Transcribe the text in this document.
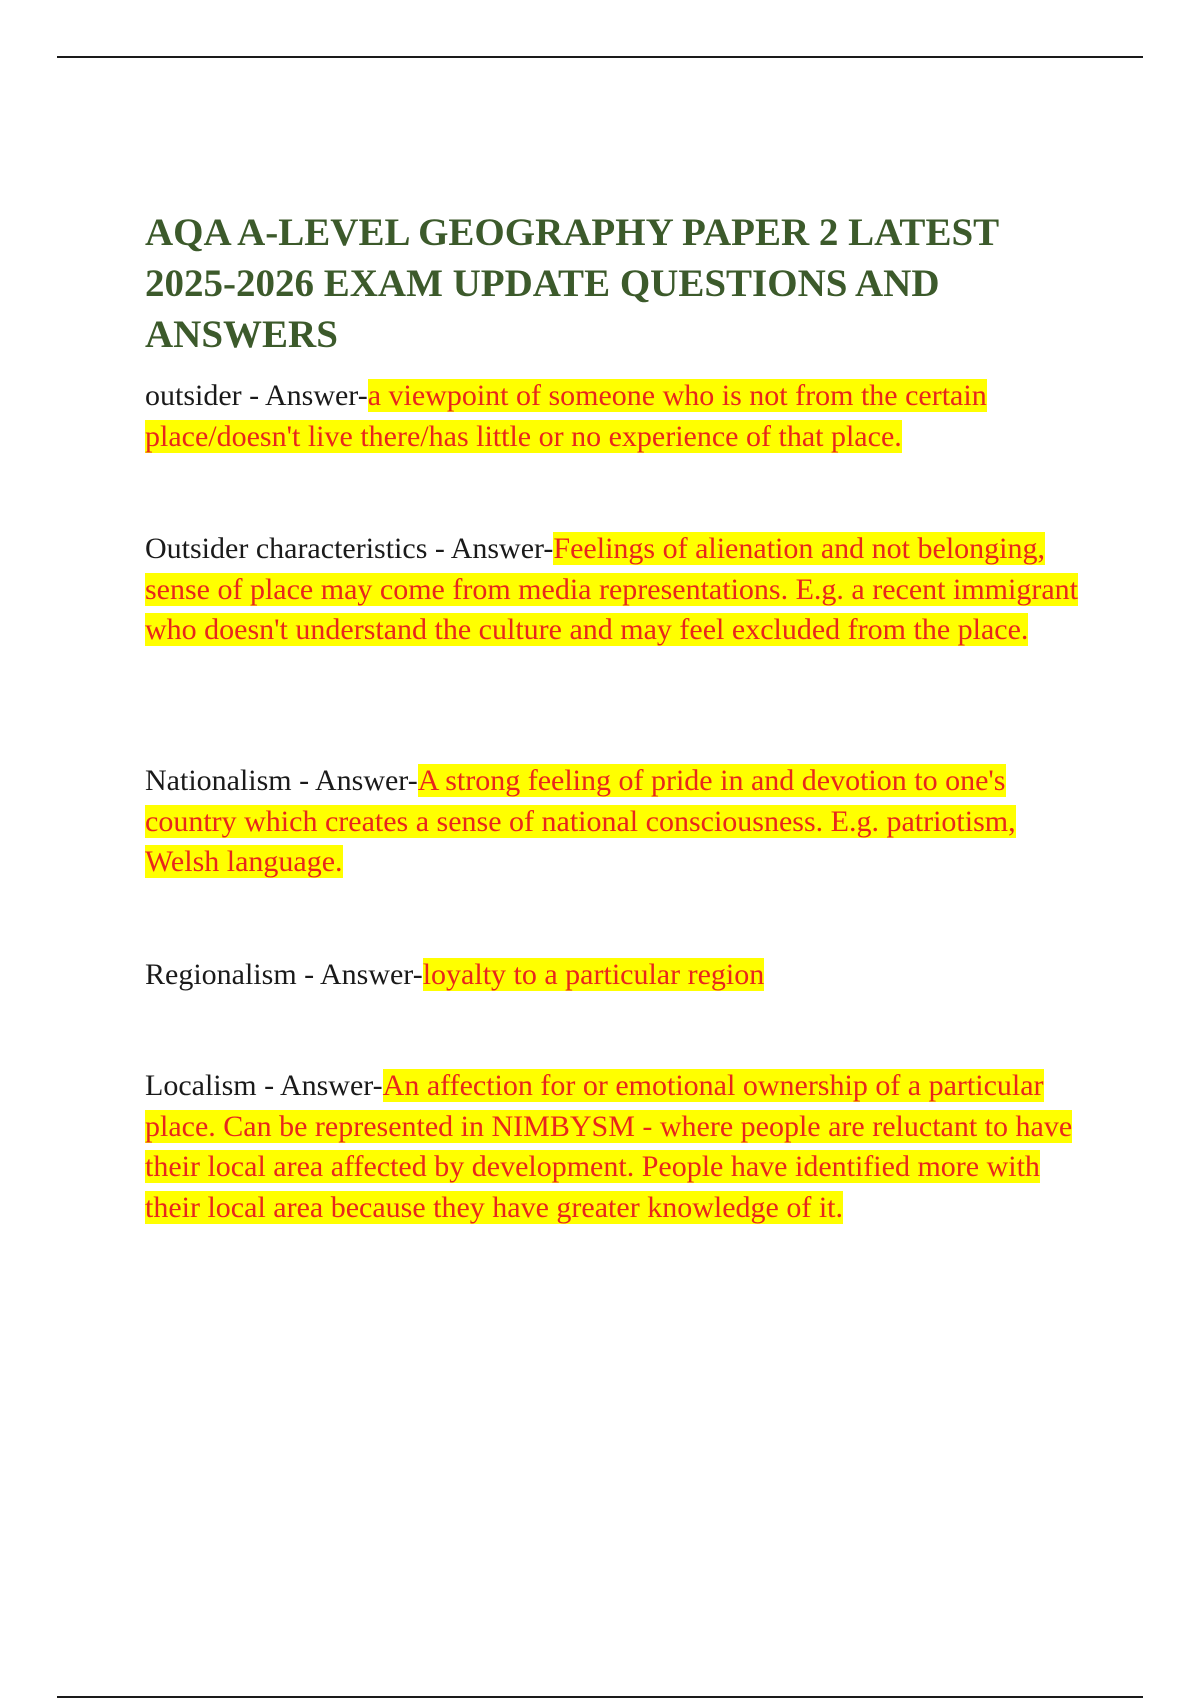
AQA A-LEVEL GEOGRAPHY PAPER 2 LATEST 2025-2026 EXAM UPDATE QUESTIONS AND ANSWERS

outsider - Answer-a viewpoint of someone who is not from the certain place/doesn't live there/has little or no experience of that place.

Outsider characteristics - Answer-Feelings of alienation and not belonging, sense of place may come from media representations. E.g. a recent immigrant who doesn't understand the culture and may feel excluded from the place.

Nationalism - Answer-A strong feeling of pride in and devotion to one's country which creates a sense of national consciousness. E.g. patriotism, Welsh language.

Regionalism - Answer-loyalty to a particular region

Localism - Answer-An affection for or emotional ownership of a particular place. Can be represented in NIMBYSM - where people are reluctant to have their local area affected by development. People have identified more with their local area because they have greater knowledge of it.
